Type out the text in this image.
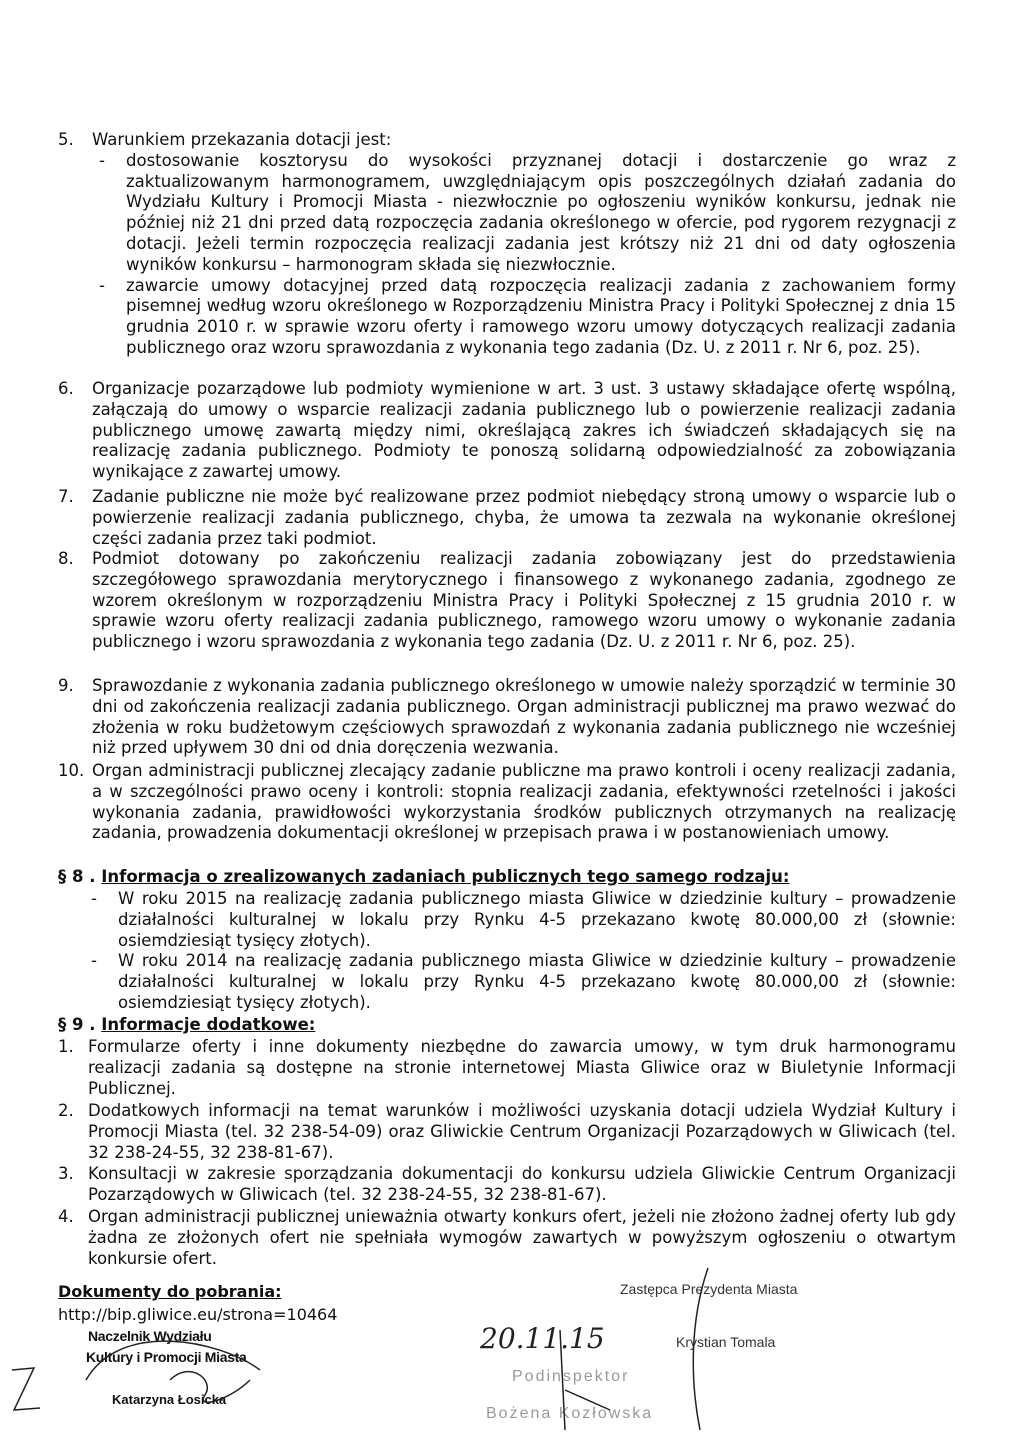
5. Warunkiem przekazania dotacji jest:
-	dostosowanie kosztorysu do wysokości przyznanej dotacji i dostarczenie go wraz z zaktualizowanym harmonogramem, uwzględniającym opis poszczególnych działań zadania do Wydziału Kultury i Promocji Miasta - niezwłocznie po ogłoszeniu wyników konkursu, jednak nie później niż 21 dni przed datą rozpoczęcia zadania określonego w ofercie, pod rygorem rezygnacji z dotacji. Jeżeli termin rozpoczęcia realizacji zadania jest krótszy niż 21 dni od daty ogłoszenia wyników konkursu – harmonogram składa się niezwłocznie.
-	zawarcie umowy dotacyjnej przed datą rozpoczęcia realizacji zadania z zachowaniem formy pisemnej według wzoru określonego w Rozporządzeniu Ministra Pracy i Polityki Społecznej z dnia 15 grudnia 2010 r. w sprawie wzoru oferty i ramowego wzoru umowy dotyczących realizacji zadania publicznego oraz wzoru sprawozdania z wykonania tego zadania (Dz. U. z 2011 r. Nr 6, poz. 25).
6. Organizacje pozarządowe lub podmioty wymienione w art. 3 ust. 3 ustawy składające ofertę wspólną, załączają do umowy o wsparcie realizacji zadania publicznego lub o powierzenie realizacji zadania publicznego umowę zawartą między nimi, określającą zakres ich świadczeń składających się na realizację zadania publicznego. Podmioty te ponoszą solidarną odpowiedzialność za zobowiązania wynikające z zawartej umowy.
7. Zadanie publiczne nie może być realizowane przez podmiot niebędący stroną umowy o wsparcie lub o powierzenie realizacji zadania publicznego, chyba, że umowa ta zezwala na wykonanie określonej części zadania przez taki podmiot.
8. Podmiot dotowany po zakończeniu realizacji zadania zobowiązany jest do przedstawienia szczegółowego sprawozdania merytorycznego i finansowego z wykonanego zadania, zgodnego ze wzorem określonym w rozporządzeniu Ministra Pracy i Polityki Społecznej z 15 grudnia 2010 r. w sprawie wzoru oferty realizacji zadania publicznego, ramowego wzoru umowy o wykonanie zadania publicznego i wzoru sprawozdania z wykonania tego zadania (Dz. U. z 2011 r. Nr 6, poz. 25).
9. Sprawozdanie z wykonania zadania publicznego określonego w umowie należy sporządzić w terminie 30 dni od zakończenia realizacji zadania publicznego. Organ administracji publicznej ma prawo wezwać do złożenia w roku budżetowym częściowych sprawozdań z wykonania zadania publicznego nie wcześniej niż przed upływem 30 dni od dnia doręczenia wezwania.
10. Organ administracji publicznej zlecający zadanie publiczne ma prawo kontroli i oceny realizacji zadania, a w szczególności prawo oceny i kontroli: stopnia realizacji zadania, efektywności rzetelności i jakości wykonania zadania, prawidłowości wykorzystania środków publicznych otrzymanych na realizację zadania, prowadzenia dokumentacji określonej w przepisach prawa i w postanowieniach umowy.
§ 8 . Informacja o zrealizowanych zadaniach publicznych tego samego rodzaju:
-	W roku 2015 na realizację zadania publicznego miasta Gliwice w dziedzinie kultury – prowadzenie działalności kulturalnej w lokalu przy Rynku 4-5 przekazano kwotę 80.000,00 zł (słownie: osiemdziesiąt tysięcy złotych).
-	W roku 2014 na realizację zadania publicznego miasta Gliwice w dziedzinie kultury – prowadzenie działalności kulturalnej w lokalu przy Rynku 4-5 przekazano kwotę 80.000,00 zł (słownie: osiemdziesiąt tysięcy złotych).
§ 9 . Informacje dodatkowe:
1. Formularze oferty i inne dokumenty niezbędne do zawarcia umowy, w tym druk harmonogramu realizacji zadania są dostępne na stronie internetowej Miasta Gliwice oraz w Biuletynie Informacji Publicznej.
2. Dodatkowych informacji na temat warunków i możliwości uzyskania dotacji udziela Wydział Kultury i Promocji Miasta (tel. 32 238-54-09) oraz Gliwickie Centrum Organizacji Pozarządowych w Gliwicach (tel. 32 238-24-55, 32 238-81-67).
3. Konsultacji w zakresie sporządzania dokumentacji do konkursu udziela Gliwickie Centrum Organizacji Pozarządowych w Gliwicach (tel. 32 238-24-55, 32 238-81-67).
4. Organ administracji publicznej unieważnia otwarty konkurs ofert, jeżeli nie złożono żadnej oferty lub gdy żadna ze złożonych ofert nie spełniała wymogów zawartych w powyższym ogłoszeniu o otwartym konkursie ofert.
Dokumenty do pobrania:
http://bip.gliwice.eu/strona=10464
Naczelnik Wydziału
Kultury i Promocji Miasta
Katarzyna Łosicka
Zastępca Prezydenta Miasta
Krystian Tomala
20.11.15
Podinspektor
Bożena Kozłowska
